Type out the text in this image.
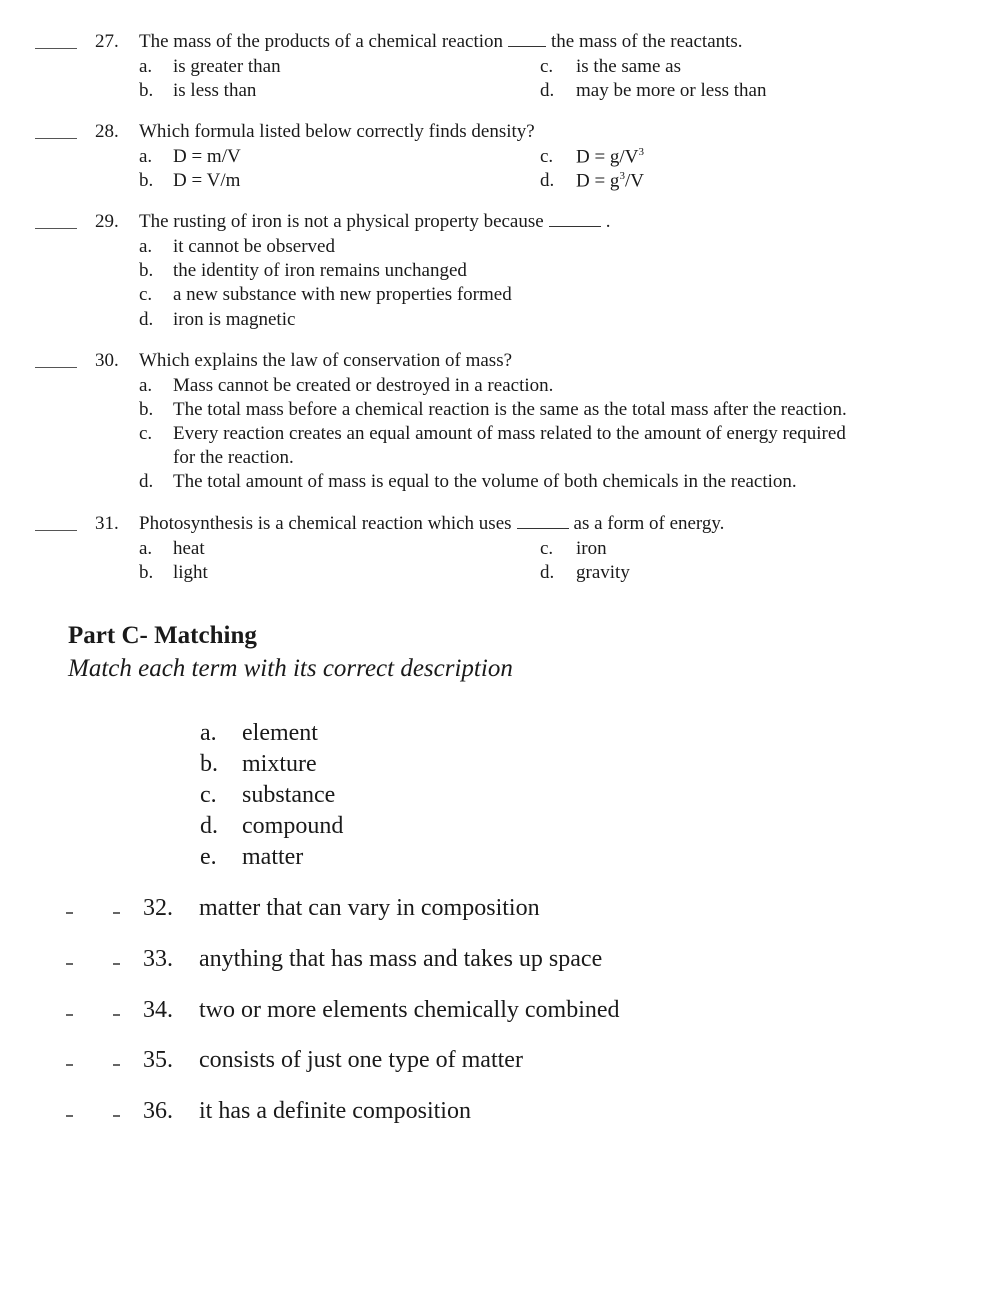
27. The mass of the products of a chemical reaction	the mass of the reactants.
a. is greater than
b. is less than
c. is the same as
d. may be more or less than
28. Which formula listed below correctly finds density?
a. D = m/V
b. D = V/m
c. $D = g/V^3$
d. $D = g^3/V$
29. The rusting of iron is not a physical property because	.
a. it cannot be observed
b. the identity of iron remains unchanged
c. a new substance with new properties formed
d. iron is magnetic
30. Which explains the law of conservation of mass?
a. Mass cannot be created or destroyed in a reaction.
b. The total mass before a chemical reaction is the same as the total mass after the reaction.
c. Every reaction creates an equal amount of mass related to the amount of energy required
for the reaction.
d. The total amount of mass is equal to the volume of both chemicals in the reaction.
31. Photosynthesis is a chemical reaction which uses	as a form of energy.
a. heat
b. light
c. iron
d. gravity
Part C- Matching
Match each term with its correct description
a. element
b. mixture
c. substance
d. compound
e. matter
32. matter that can vary in composition
33. anything that has mass and takes up space
34. two or more elements chemically combined
35. consists of just one type of matter
36. it has a definite composition
